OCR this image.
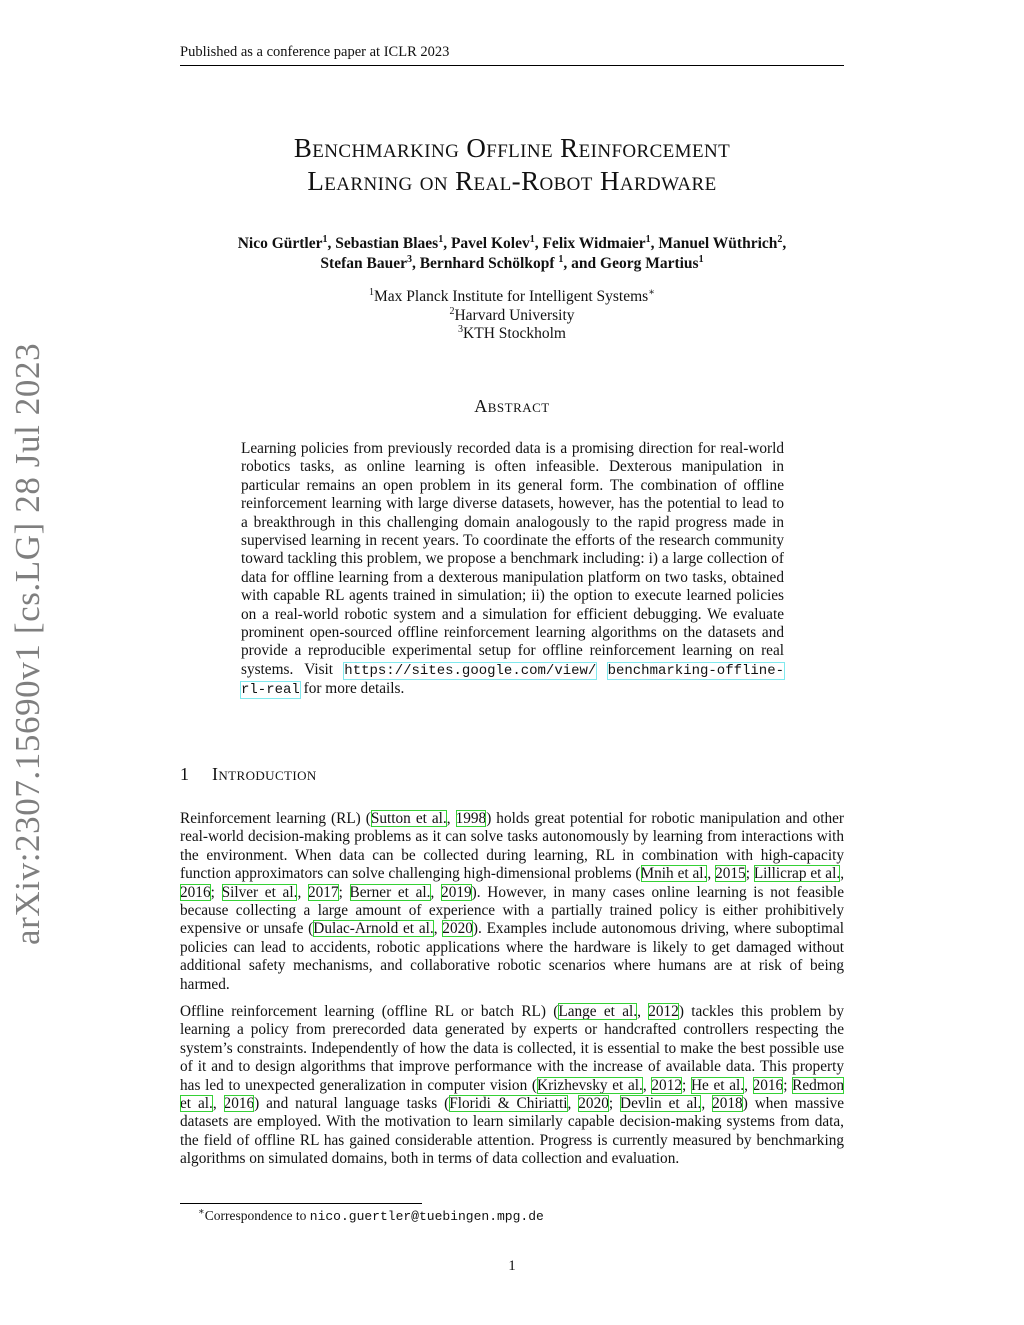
Published as a conference paper at ICLR 2023
arXiv:2307.15690v1 [cs.LG] 28 Jul 2023
Benchmarking Offline Reinforcement
Learning on Real-Robot Hardware
Nico Gürtler$^1$, Sebastian Blaes$^1$, Pavel Kolev$^1$, Felix Widmaier$^1$, Manuel Wüthrich$^2$,
Stefan Bauer$^3$, Bernhard Schölkopf $^1$, and Georg Martius$^1$
$^1$Max Planck Institute for Intelligent Systems∗
$^2$Harvard University
$^3$KTH Stockholm
Abstract
Learning policies from previously recorded data is a promising direction for real-world robotics tasks, as online learning is often infeasible. Dexterous manipulation in particular remains an open problem in its general form. The combination of offline reinforcement learning with large diverse datasets, however, has the potential to lead to a breakthrough in this challenging domain analogously to the rapid progress made in supervised learning in recent years. To coordinate the efforts of the research community toward tackling this problem, we propose a benchmark including: i) a large collection of data for offline learning from a dexterous manipulation platform on two tasks, obtained with capable RL agents trained in simulation; ii) the option to execute learned policies on a real-world robotic system and a simulation for efficient debugging. We evaluate prominent open-sourced offline reinforcement learning algorithms on the datasets and provide a reproducible experimental setup for offline reinforcement learning on real systems. Visit https://sites.google.com/view/ benchmarking-offline-rl-real for more details.
1 Introduction
Reinforcement learning (RL) (Sutton et al., 1998) holds great potential for robotic manipulation and other real-world decision-making problems as it can solve tasks autonomously by learning from interactions with the environment. When data can be collected during learning, RL in combination with high-capacity function approximators can solve challenging high-dimensional problems (Mnih et al., 2015; Lillicrap et al., 2016; Silver et al., 2017; Berner et al., 2019). However, in many cases online learning is not feasible because collecting a large amount of experience with a partially trained policy is either prohibitively expensive or unsafe (Dulac-Arnold et al., 2020). Examples include autonomous driving, where suboptimal policies can lead to accidents, robotic applications where the hardware is likely to get damaged without additional safety mechanisms, and collaborative robotic scenarios where humans are at risk of being harmed.
Offline reinforcement learning (offline RL or batch RL) (Lange et al., 2012) tackles this problem by learning a policy from prerecorded data generated by experts or handcrafted controllers respecting the system’s constraints. Independently of how the data is collected, it is essential to make the best possible use of it and to design algorithms that improve performance with the increase of available data. This property has led to unexpected generalization in computer vision (Krizhevsky et al., 2012; He et al., 2016; Redmon et al., 2016) and natural language tasks (Floridi & Chiriatti, 2020; Devlin et al., 2018) when massive datasets are employed. With the motivation to learn similarly capable decision-making systems from data, the field of offline RL has gained considerable attention. Progress is currently measured by benchmarking algorithms on simulated domains, both in terms of data collection and evaluation.
∗Correspondence to nico.guertler@tuebingen.mpg.de
1
